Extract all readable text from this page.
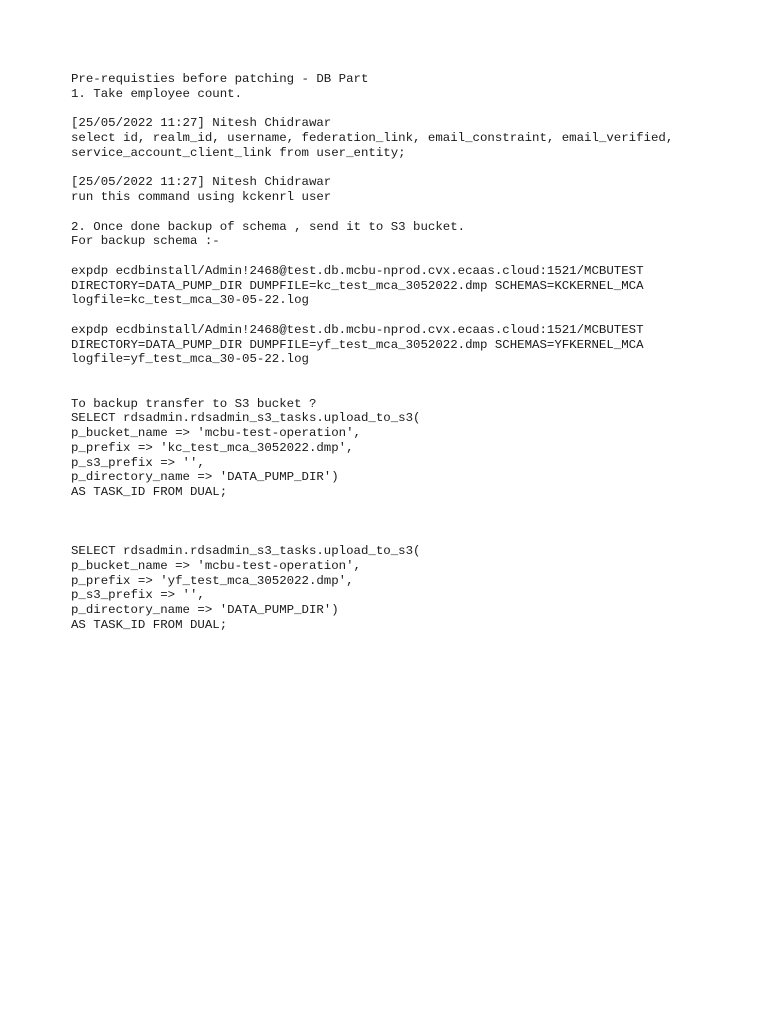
Pre-requisties before patching - DB Part
1. Take employee count.

[25/05/2022 11:27] Nitesh Chidrawar
select id, realm_id, username, federation_link, email_constraint, email_verified,
service_account_client_link from user_entity;

[25/05/2022 11:27] Nitesh Chidrawar
run this command using kckenrl user

2. Once done backup of schema , send it to S3 bucket.
For backup schema :-

expdp ecdbinstall/Admin!2468@test.db.mcbu-nprod.cvx.ecaas.cloud:1521/MCBUTEST
DIRECTORY=DATA_PUMP_DIR DUMPFILE=kc_test_mca_3052022.dmp SCHEMAS=KCKERNEL_MCA
logfile=kc_test_mca_30-05-22.log

expdp ecdbinstall/Admin!2468@test.db.mcbu-nprod.cvx.ecaas.cloud:1521/MCBUTEST
DIRECTORY=DATA_PUMP_DIR DUMPFILE=yf_test_mca_3052022.dmp SCHEMAS=YFKERNEL_MCA
logfile=yf_test_mca_30-05-22.log

To backup transfer to S3 bucket ?
SELECT rdsadmin.rdsadmin_s3_tasks.upload_to_s3(
p_bucket_name => 'mcbu-test-operation',
p_prefix => 'kc_test_mca_3052022.dmp',
p_s3_prefix => '',
p_directory_name => 'DATA_PUMP_DIR')
AS TASK_ID FROM DUAL;

SELECT rdsadmin.rdsadmin_s3_tasks.upload_to_s3(
p_bucket_name => 'mcbu-test-operation',
p_prefix => 'yf_test_mca_3052022.dmp',
p_s3_prefix => '',
p_directory_name => 'DATA_PUMP_DIR')
AS TASK_ID FROM DUAL;
